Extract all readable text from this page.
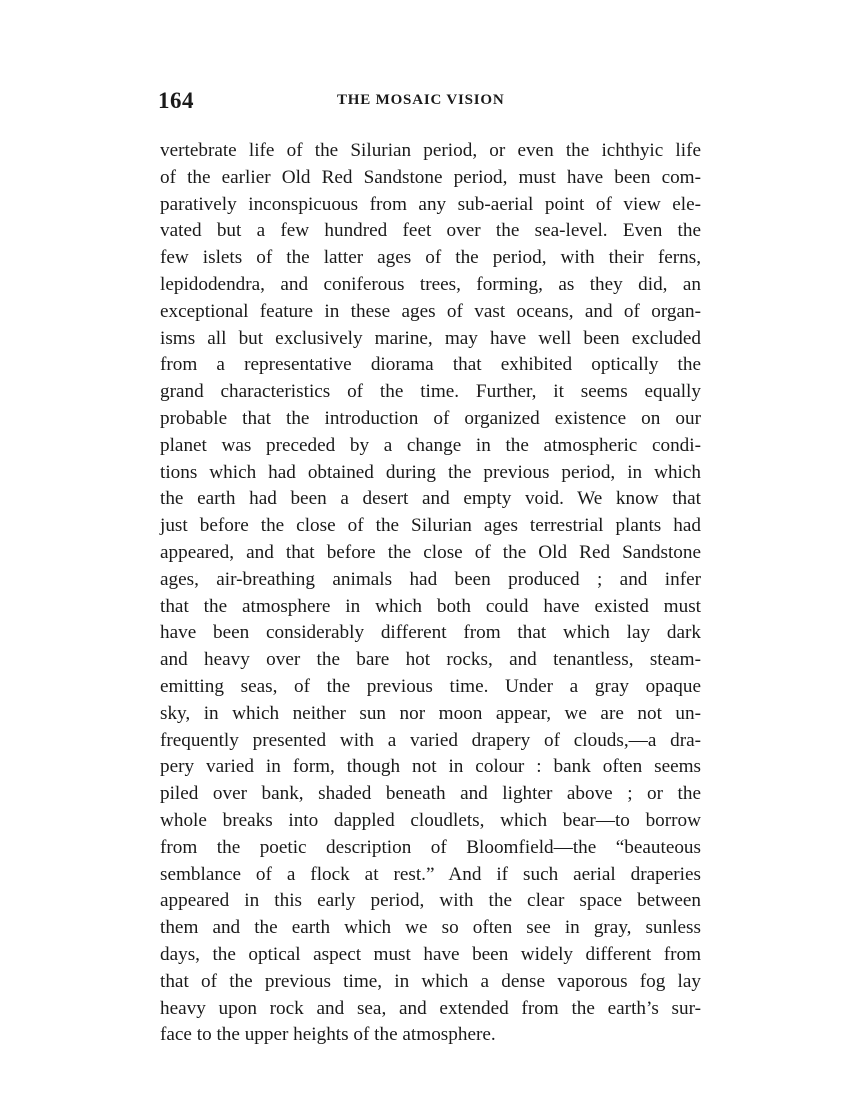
164	THE MOSAIC VISION
vertebrate life of the Silurian period, or even the ichthyic life
of the earlier Old Red Sandstone period, must have been com-
paratively inconspicuous from any sub-aerial point of view ele-
vated but a few hundred feet over the sea-level. Even the
few islets of the latter ages of the period, with their ferns,
lepidodendra, and coniferous trees, forming, as they did, an
exceptional feature in these ages of vast oceans, and of organ-
isms all but exclusively marine, may have well been excluded
from a representative diorama that exhibited optically the
grand characteristics of the time. Further, it seems equally
probable that the introduction of organized existence on our
planet was preceded by a change in the atmospheric condi-
tions which had obtained during the previous period, in which
the earth had been a desert and empty void. We know that
just before the close of the Silurian ages terrestrial plants had
appeared, and that before the close of the Old Red Sandstone
ages, air-breathing animals had been produced ; and infer
that the atmosphere in which both could have existed must
have been considerably different from that which lay dark
and heavy over the bare hot rocks, and tenantless, steam-
emitting seas, of the previous time. Under a gray opaque
sky, in which neither sun nor moon appear, we are not un-
frequently presented with a varied drapery of clouds,—a dra-
pery varied in form, though not in colour : bank often seems
piled over bank, shaded beneath and lighter above ; or the
whole breaks into dappled cloudlets, which bear—to borrow
from the poetic description of Bloomfield—the “beauteous
semblance of a flock at rest.” And if such aerial draperies
appeared in this early period, with the clear space between
them and the earth which we so often see in gray, sunless
days, the optical aspect must have been widely different from
that of the previous time, in which a dense vaporous fog lay
heavy upon rock and sea, and extended from the earth’s sur-
face to the upper heights of the atmosphere.
